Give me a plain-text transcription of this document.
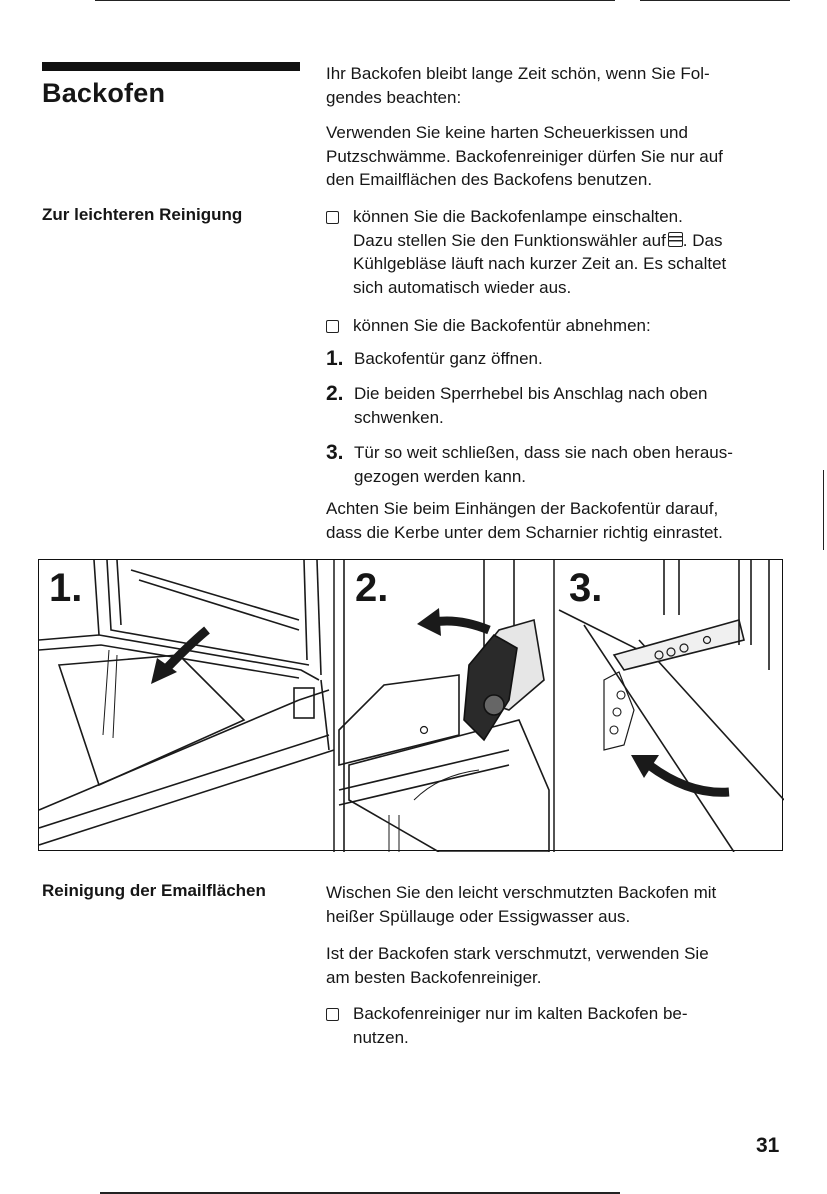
Backofen
Ihr Backofen bleibt lange Zeit schön, wenn Sie Fol-
gendes beachten:
Verwenden Sie keine harten Scheuerkissen und
Putzschwämme. Backofenreiniger dürfen Sie nur auf
den Emailflächen des Backofens benutzen.
Zur leichteren Reinigung	können Sie die Backofenlampe einschalten.
Dazu stellen Sie den Funktionswähler auf . Das
Kühlgebläse läuft nach kurzer Zeit an. Es schaltet
sich automatisch wieder aus.
können Sie die Backofentür abnehmen:
1. Backofentür ganz öffnen.
2. Die beiden Sperrhebel bis Anschlag nach oben
schwenken.
3. Tür so weit schließen, dass sie nach oben heraus-
gezogen werden kann.
Achten Sie beim Einhängen der Backofentür darauf,
dass die Kerbe unter dem Scharnier richtig einrastet.
1.	2.	3.
Reinigung der Emailflächen	Wischen Sie den leicht verschmutzten Backofen mit
heißer Spüllauge oder Essigwasser aus.
Ist der Backofen stark verschmutzt, verwenden Sie
am besten Backofenreiniger.
Backofenreiniger nur im kalten Backofen be-
nutzen.
31
